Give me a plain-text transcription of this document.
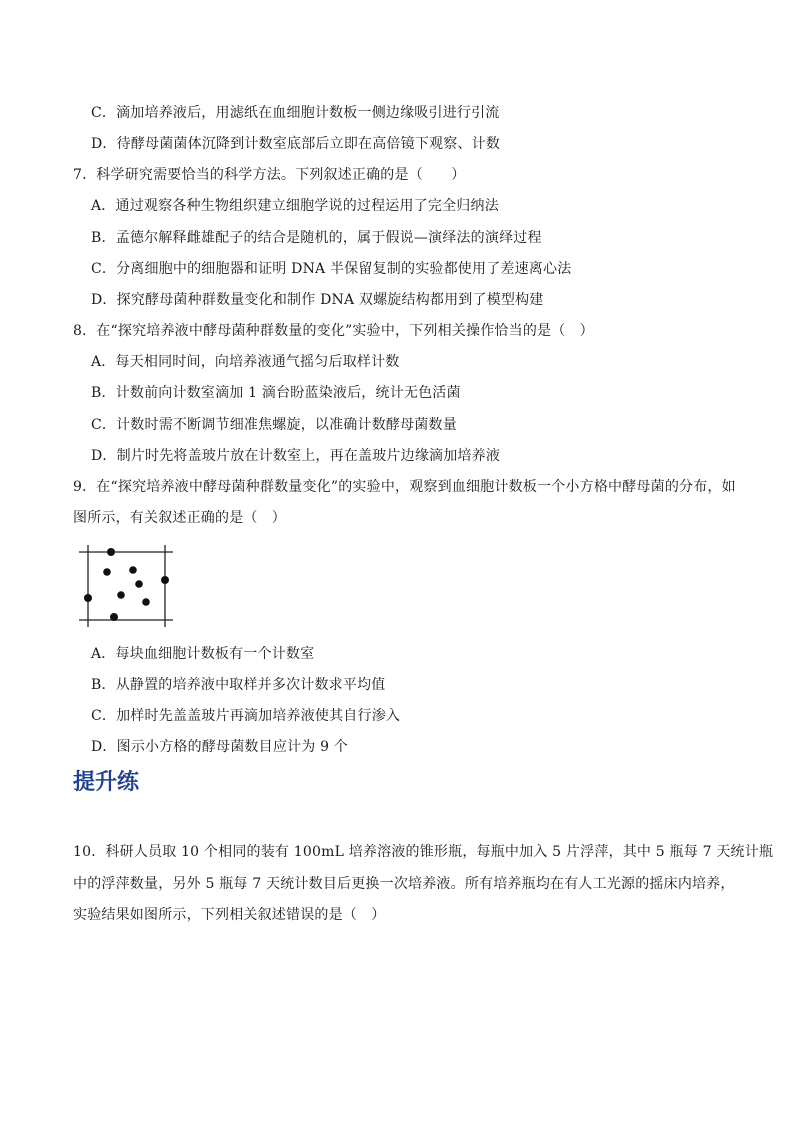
C．滴加培养液后，用滤纸在血细胞计数板一侧边缘吸引进行引流
D．待酵母菌菌体沉降到计数室底部后立即在高倍镜下观察、计数
7．科学研究需要恰当的科学方法。下列叙述正确的是（　　）
A．通过观察各种生物组织建立细胞学说的过程运用了完全归纳法
B．孟德尔解释雌雄配子的结合是随机的，属于假说—演绎法的演绎过程
C．分离细胞中的细胞器和证明 DNA 半保留复制的实验都使用了差速离心法
D．探究酵母菌种群数量变化和制作 DNA 双螺旋结构都用到了模型构建
8．在“探究培养液中酵母菌种群数量的变化”实验中，下列相关操作恰当的是（　）
A．每天相同时间，向培养液通气摇匀后取样计数
B．计数前向计数室滴加 1 滴台盼蓝染液后，统计无色活菌
C．计数时需不断调节细准焦螺旋，以准确计数酵母菌数量
D．制片时先将盖玻片放在计数室上，再在盖玻片边缘滴加培养液
9．在“探究培养液中酵母菌种群数量变化”的实验中，观察到血细胞计数板一个小方格中酵母菌的分布，如
图所示，有关叙述正确的是（　）
A．每块血细胞计数板有一个计数室
B．从静置的培养液中取样并多次计数求平均值
C．加样时先盖盖玻片再滴加培养液使其自行渗入
D．图示小方格的酵母菌数目应计为 9 个
提升练
10．科研人员取 10 个相同的装有 100mL 培养溶液的锥形瓶，每瓶中加入 5 片浮萍，其中 5 瓶每 7 天统计瓶
中的浮萍数量，另外 5 瓶每 7 天统计数目后更换一次培养液。所有培养瓶均在有人工光源的摇床内培养，
实验结果如图所示，下列相关叙述错误的是（　）
